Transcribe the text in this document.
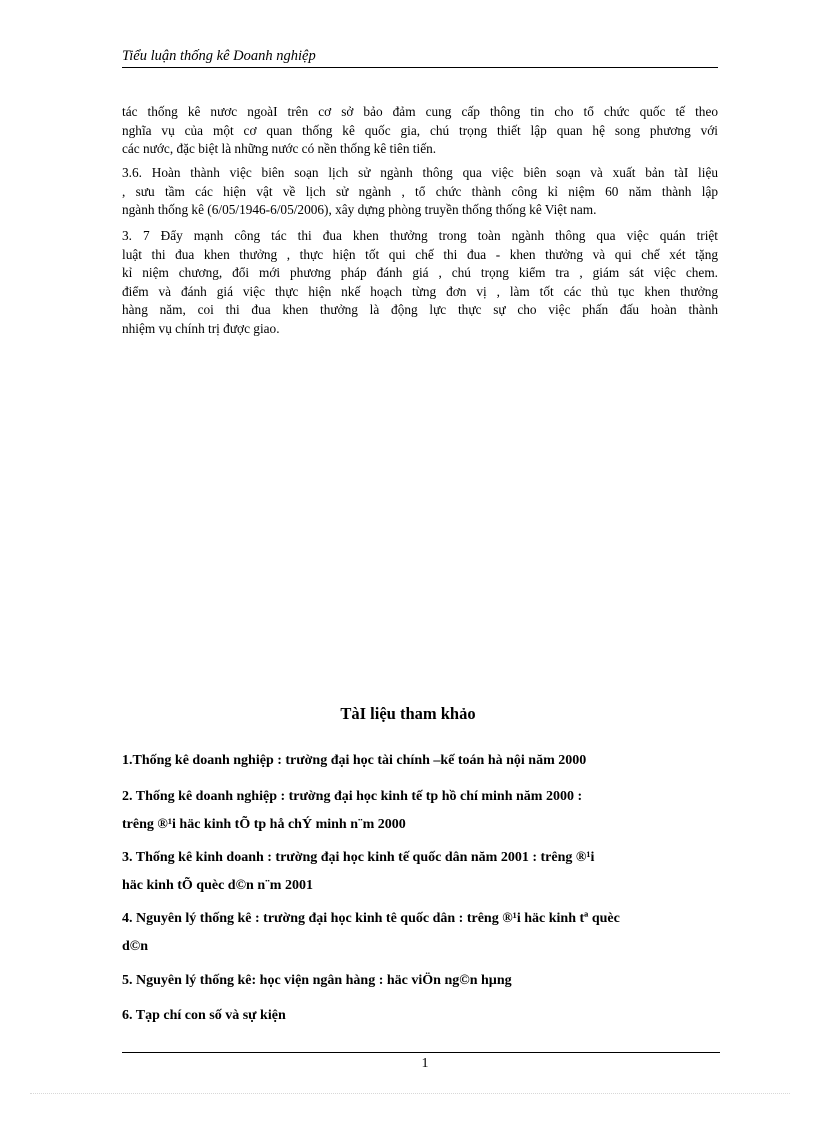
Tiểu luận thống kê Doanh nghiệp
tác thống kê nươc ngoàI trên cơ sở bảo đảm cung cấp thông tin cho tổ chức quốc tế theo
nghĩa vụ của một cơ quan thống kê quốc gia, chú trọng thiết lập quan hệ song phương với
các nước, đặc biệt là những nước có nền thống kê tiên tiến.
3.6. Hoàn thành việc biên soạn lịch sử ngành thông qua việc biên soạn và xuất bản tàI liệu
, sưu tầm các hiện vật về lịch sử ngành , tổ chức thành công kỉ niệm 60 năm thành lập
ngành thống kê (6/05/1946-6/05/2006), xây dựng phòng truyền thống thống kê Việt nam.
3. 7 Đẩy mạnh công tác thi đua khen thưởng trong toàn ngành thông qua việc quán triệt
luật thi đua khen thưởng , thực hiện tốt qui chế thi đua - khen thưởng và qui chế xét tặng
kỉ niệm chương, đổi mới phương pháp đánh giá , chú trọng kiểm tra , giám sát việc chem.
điểm và đánh giá việc thực hiện nkế hoạch từng đơn vị , làm tốt các thủ tục khen thưởng
hàng năm, coi thi đua khen thưởng là động lực thực sự cho việc phấn đấu hoàn thành
nhiệm vụ chính trị được giao.
TàI liệu tham khảo
1.Thống kê doanh nghiệp : trường đại học tài chính –kế toán hà nội năm 2000
2. Thống kê doanh nghiệp : trường đại học kinh tế tp hồ chí minh năm 2000 :
trêng ®¹i häc kinh tÕ tp hå chÝ minh n¨m 2000
3. Thống kê kinh doanh : trường đại học kinh tế quốc dân năm 2001 : trêng ®¹i
häc kinh tÕ quèc d©n n¨m 2001
4. Nguyên lý thống kê : trường đại học kinh tê quốc dân : trêng ®¹i häc kinh tª quèc
d©n
5. Nguyên lý thống kê: học viện ngân hàng : häc viÖn ng©n hµng
6. Tạp chí con số và sự kiện
1
